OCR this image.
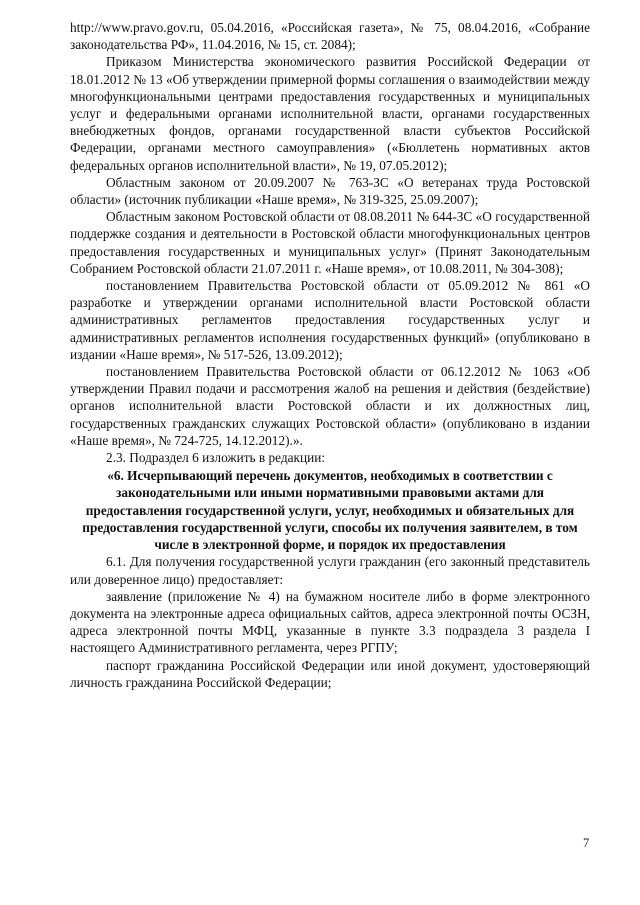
http://www.pravo.gov.ru, 05.04.2016, «Российская газета», № 75, 08.04.2016, «Собрание законодательства РФ», 11.04.2016, № 15, ст. 2084);

Приказом Министерства экономического развития Российской Федерации от 18.01.2012 № 13 «Об утверждении примерной формы соглашения о взаимодействии между многофункциональными центрами предоставления государственных и муниципальных услуг и федеральными органами исполнительной власти, органами государственных внебюджетных фондов, органами государственной власти субъектов Российской Федерации, органами местного самоуправления» («Бюллетень нормативных актов федеральных органов исполнительной власти», № 19, 07.05.2012);

Областным законом от 20.09.2007 № 763-ЗС «О ветеранах труда Ростовской области» (источник публикации «Наше время», № 319-325, 25.09.2007);

Областным законом Ростовской области от 08.08.2011 № 644-ЗС «О государственной поддержке создания и деятельности в Ростовской области многофункциональных центров предоставления государственных и муниципальных услуг» (Принят Законодательным Собранием Ростовской области 21.07.2011 г. «Наше время», от 10.08.2011, № 304-308);

постановлением Правительства Ростовской области от 05.09.2012 № 861 «О разработке и утверждении органами исполнительной власти Ростовской области административных регламентов предоставления государственных услуг и административных регламентов исполнения государственных функций» (опубликовано в издании «Наше время», № 517-526, 13.09.2012);

постановлением Правительства Ростовской области от 06.12.2012 № 1063 «Об утверждении Правил подачи и рассмотрения жалоб на решения и действия (бездействие) органов исполнительной власти Ростовской области и их должностных лиц, государственных гражданских служащих Ростовской области» (опубликовано в издании «Наше время», № 724-725, 14.12.2012).».

2.3. Подраздел 6 изложить в редакции:

«6. Исчерпывающий перечень документов, необходимых в соответствии с законодательными или иными нормативными правовыми актами для предоставления государственной услуги, услуг, необходимых и обязательных для предоставления государственной услуги, способы их получения заявителем, в том числе в электронной форме, и порядок их предоставления

6.1. Для получения государственной услуги гражданин (его законный представитель или доверенное лицо) предоставляет:

заявление (приложение № 4) на бумажном носителе либо в форме электронного документа на электронные адреса официальных сайтов, адреса электронной почты ОСЗН, адреса электронной почты МФЦ, указанные в пункте 3.3 подраздела 3 раздела I настоящего Административного регламента, через РГПУ;

паспорт гражданина Российской Федерации или иной документ, удостоверяющий личность гражданина Российской Федерации;

7
